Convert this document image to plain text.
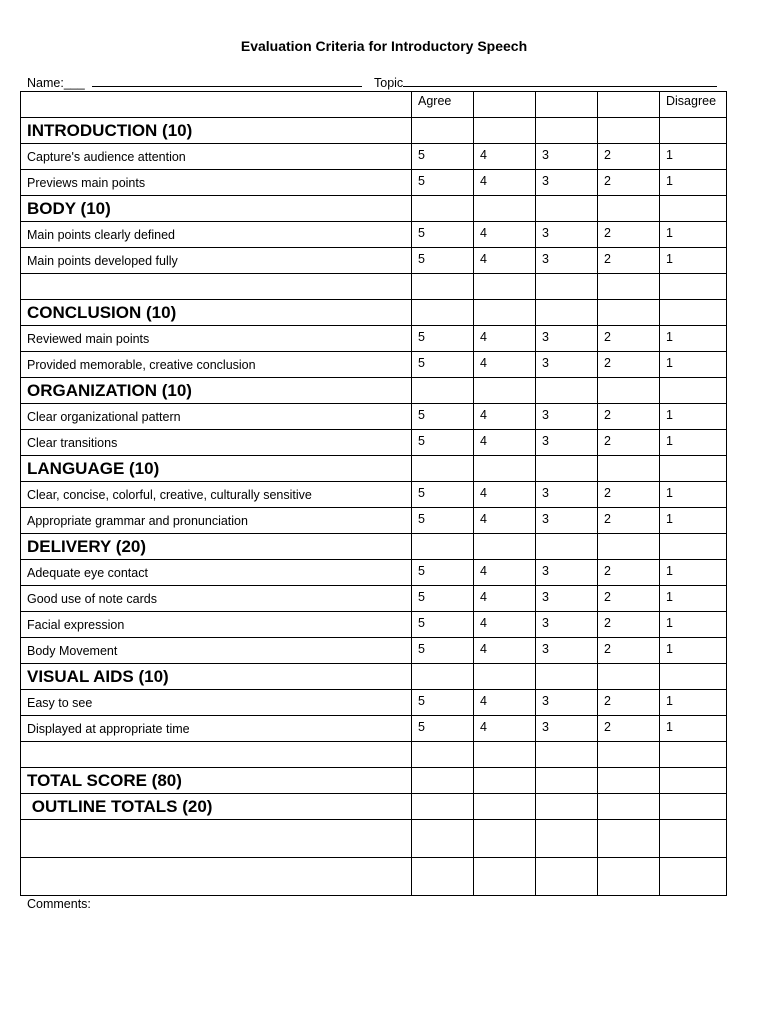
Evaluation Criteria for Introductory Speech
Name:___	Topic
	Agree				Disagree
INTRODUCTION (10)					
Capture's audience attention	5	4	3	2	1
Previews main points	5	4	3	2	1
BODY (10)					
Main points clearly defined	5	4	3	2	1
Main points developed fully	5	4	3	2	1

CONCLUSION (10)					
Reviewed main points	5	4	3	2	1
Provided memorable, creative conclusion	5	4	3	2	1
ORGANIZATION (10)					
Clear organizational pattern	5	4	3	2	1
Clear transitions	5	4	3	2	1
LANGUAGE (10)					
Clear, concise, colorful, creative, culturally sensitive	5	4	3	2	1
Appropriate grammar and pronunciation	5	4	3	2	1
DELIVERY (20)					
Adequate eye contact	5	4	3	2	1
Good use of note cards	5	4	3	2	1
Facial expression	5	4	3	2	1
Body Movement	5	4	3	2	1
VISUAL AIDS (10)					
Easy to see	5	4	3	2	1
Displayed at appropriate time	5	4	3	2	1

TOTAL SCORE (80)					
OUTLINE TOTALS (20)					

Comments:
